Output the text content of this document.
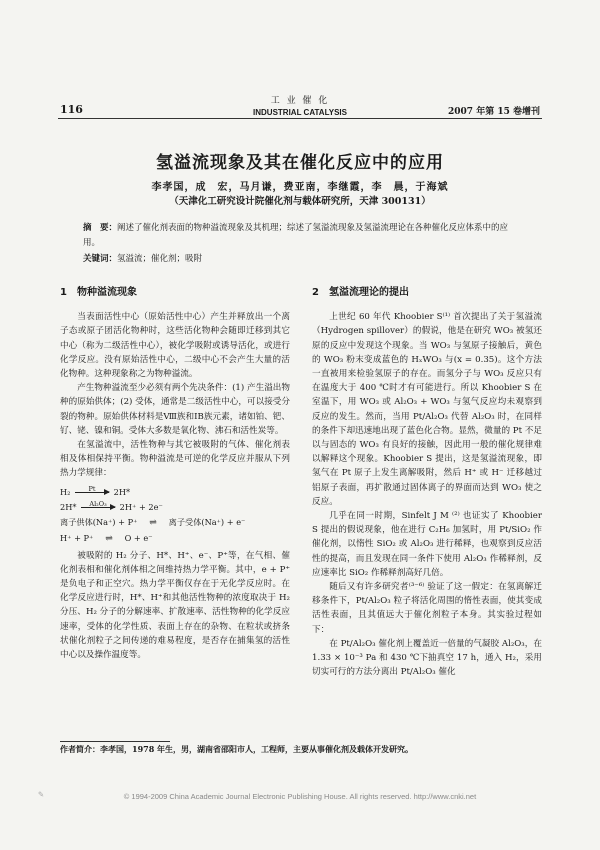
116
工 业 催 化
INDUSTRIAL CATALYSIS	2007 年第 15 卷增刊
氢溢流现象及其在催化反应中的应用
李孝国，成　宏，马月谦，费亚南，李继霞，李　晨，于海斌
（天津化工研究设计院催化剂与载体研究所，天津 300131）
摘　要：阐述了催化剂表面的物种溢流现象及其机理；综述了氢溢流现象及氢溢流理论在各种催化反应体系中的应用。
关键词：氢溢流；催化剂；吸附
1　物种溢流现象

当表面活性中心（原始活性中心）产生并释放出一个离子态或原子团活化物种时，这些活化物种会随即迁移到其它中心（称为二级活性中心），被化学吸附或诱导活化，或进行化学反应。没有原始活性中心，二级中心不会产生大量的活化物种。这种现象称之为物种溢流。

产生物种溢流至少必须有两个先决条件：(1) 产生溢出物种的原始供体；(2) 受体，通常是二级活性中心，可以接受分裂的物种。原始供体材料是Ⅷ族和ⅠB族元素，诸如铂、钯、钌、铑、镍和铜。受体大多数是氧化物、沸石和活性炭等。

在氢溢流中，活性物种与其它被吸附的气体、催化剂表相及体相保持平衡。物种溢流是可逆的化学反应并服从下列热力学规律：

H₂	Pt	2H*
2H*	Al₂O₃	2H⁺ + 2e⁻
离子供体(Na⁺) + P⁺ ⇌ 离子受体(Na⁺) + e⁻
H⁺ + P⁺ ⇌ O + e⁻

被吸附的 H₂ 分子、H*、H⁺、e⁻、P⁺等，在气相、催化剂表相和催化剂体相之间维持热力学平衡。其中，e + P⁺ 是负电子和正空穴。热力学平衡仅存在于无化学反应时。在化学反应进行时，H*、H⁺和其他活性物种的浓度取决于 H₂ 分压、H₂ 分子的分解速率、扩散速率、活性物种的化学反应速率，受体的化学性质、表面上存在的杂物、在粒状或挤条状催化剂粒子之间传递的难易程度，是否存在捕集氢的活性中心以及操作温度等。

2　氢溢流理论的提出

上世纪 60 年代 Khoobier S⁽¹⁾ 首次提出了关于氢溢流（Hydrogen spillover）的假说，他是在研究 WO₃ 被氢还原的反应中发现这个现象。当 WO₃ 与氢原子接触后，黄色的 WO₃ 粉末变成蓝色的 HₓWO₃ 与(x = 0.35)。这个方法一直被用来检验氢原子的存在。而氢分子与 WO₃ 反应只有在温度大于 400 ℃时才有可能进行。所以 Khoobier S 在室温下，用 WO₃ 或 Al₂O₃ + WO₃ 与氢气反应均未观察到反应的发生。然而，当用 Pt/Al₂O₃ 代替 Al₂O₃ 时，在同样的条件下却迅速地出现了蓝色化合物。显然，微量的 Pt 不足以与固态的 WO₃ 有良好的接触，因此用一般的催化规律难以解释这个现象。Khoobier S 提出，这是氢溢流现象，即氢气在 Pt 原子上发生离解吸附，然后 H⁺ 或 H⁻ 迁移越过铝原子表面，再扩散通过固体离子的界面而达到 WO₃ 使之反应。

几乎在同一时期，Sinfelt J M ⁽²⁾ 也证实了 Khoobier S 提出的假说现象，他在进行 C₂H₆ 加氢时，用 Pt/SiO₂ 作催化剂，以惰性 SiO₂ 或 Al₂O₃ 进行稀释，也观察到反应活性的提高，而且发现在同一条件下使用 Al₂O₃ 作稀释剂，反应速率比 SiO₂ 作稀释剂高好几倍。

随后又有许多研究者⁽³⁻⁶⁾ 验证了这一假定：在氢离解迁移条件下，Pt/Al₂O₃ 粒子将活化周围的惰性表面，使其变成活性表面，且其值远大于催化剂粒子本身。其实验过程如下：

在 Pt/Al₂O₃ 催化剂上覆盖近一倍量的气凝胶 Al₂O₃，在 1.33 × 10⁻³ Pa 和 430 ℃下抽真空 17 h，通入 H₂，采用切实可行的方法分离出 Pt/Al₂O₃ 催化

作者简介：李孝国，1978 年生，男，湖南省邵阳市人，工程师，主要从事催化剂及载体开发研究。
✎	© 1994-2009 China Academic Journal Electronic Publishing House. All rights reserved. http://www.cnki.net
